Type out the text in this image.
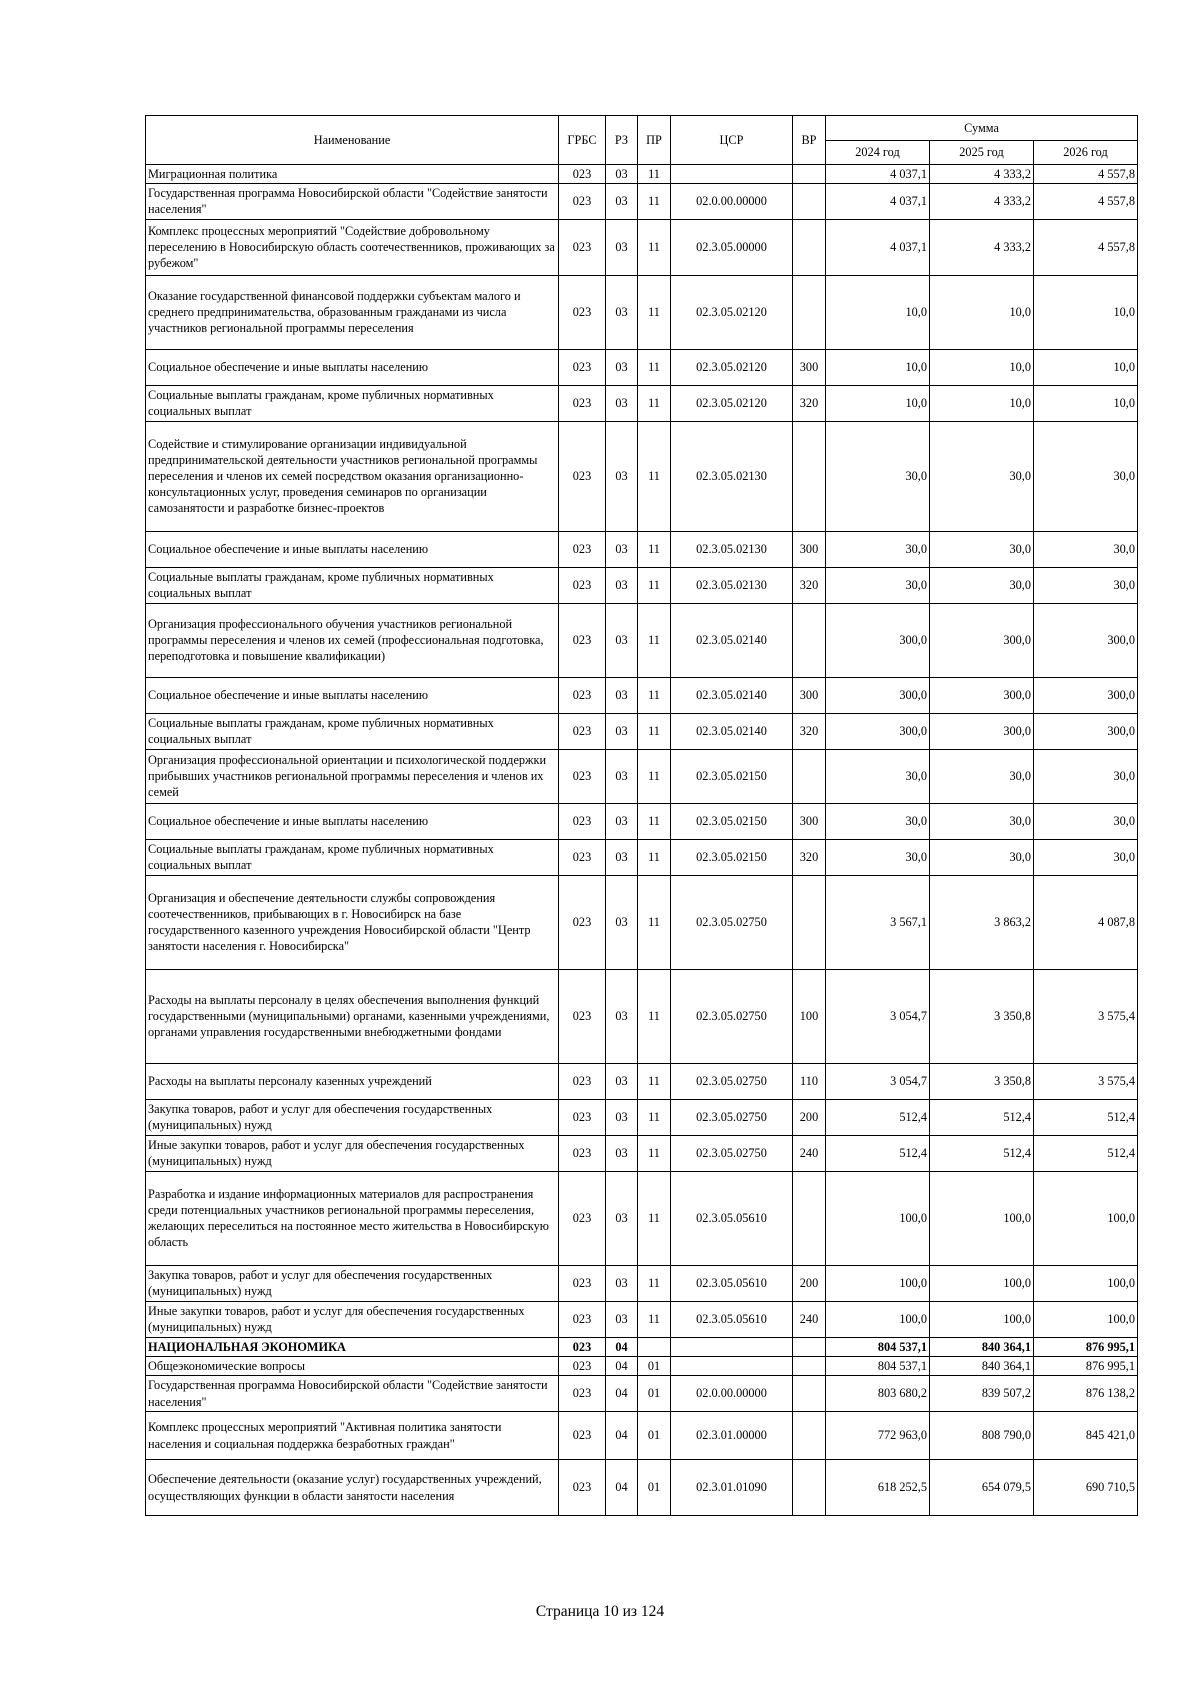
Наименование	ГРБС	РЗ	ПР	ЦСР	ВР	Сумма		
						2024 год	2025 год	2026 год
Миграционная политика	023	03	11			4 037,1	4 333,2	4 557,8
Государственная программа Новосибирской области "Содействие занятости населения"	023	03	11	02.0.00.00000		4 037,1	4 333,2	4 557,8
Комплекс процессных мероприятий "Содействие добровольному переселению в Новосибирскую область соотечественников, проживающих за рубежом"	023	03	11	02.3.05.00000		4 037,1	4 333,2	4 557,8
Оказание государственной финансовой поддержки субъектам малого и среднего предпринимательства, образованным гражданами из числа участников региональной программы переселения	023	03	11	02.3.05.02120		10,0	10,0	10,0
Социальное обеспечение и иные выплаты населению	023	03	11	02.3.05.02120	300	10,0	10,0	10,0
Социальные выплаты гражданам, кроме публичных нормативных социальных выплат	023	03	11	02.3.05.02120	320	10,0	10,0	10,0
Содействие и стимулирование организации индивидуальной предпринимательской деятельности участников региональной программы переселения и членов их семей посредством оказания организационно-консультационных услуг, проведения семинаров по организации самозанятости и разработке бизнес-проектов	023	03	11	02.3.05.02130		30,0	30,0	30,0
Социальное обеспечение и иные выплаты населению	023	03	11	02.3.05.02130	300	30,0	30,0	30,0
Социальные выплаты гражданам, кроме публичных нормативных социальных выплат	023	03	11	02.3.05.02130	320	30,0	30,0	30,0
Организация профессионального обучения участников региональной программы переселения и членов их семей (профессиональная подготовка, переподготовка и повышение квалификации)	023	03	11	02.3.05.02140		300,0	300,0	300,0
Социальное обеспечение и иные выплаты населению	023	03	11	02.3.05.02140	300	300,0	300,0	300,0
Социальные выплаты гражданам, кроме публичных нормативных социальных выплат	023	03	11	02.3.05.02140	320	300,0	300,0	300,0
Организация профессиональной ориентации и психологической поддержки прибывших участников региональной программы переселения и членов их семей	023	03	11	02.3.05.02150		30,0	30,0	30,0
Социальное обеспечение и иные выплаты населению	023	03	11	02.3.05.02150	300	30,0	30,0	30,0
Социальные выплаты гражданам, кроме публичных нормативных социальных выплат	023	03	11	02.3.05.02150	320	30,0	30,0	30,0
Организация и обеспечение деятельности службы сопровождения соотечественников, прибывающих в г. Новосибирск на базе государственного казенного учреждения Новосибирской области "Центр занятости населения г. Новосибирска"	023	03	11	02.3.05.02750		3 567,1	3 863,2	4 087,8
Расходы на выплаты персоналу в целях обеспечения выполнения функций государственными (муниципальными) органами, казенными учреждениями, органами управления государственными внебюджетными фондами	023	03	11	02.3.05.02750	100	3 054,7	3 350,8	3 575,4
Расходы на выплаты персоналу казенных учреждений	023	03	11	02.3.05.02750	110	3 054,7	3 350,8	3 575,4
Закупка товаров, работ и услуг для обеспечения государственных (муниципальных) нужд	023	03	11	02.3.05.02750	200	512,4	512,4	512,4
Иные закупки товаров, работ и услуг для обеспечения государственных (муниципальных) нужд	023	03	11	02.3.05.02750	240	512,4	512,4	512,4
Разработка и издание информационных материалов для распространения среди потенциальных участников региональной программы переселения, желающих переселиться на постоянное место жительства в Новосибирскую область	023	03	11	02.3.05.05610		100,0	100,0	100,0
Закупка товаров, работ и услуг для обеспечения государственных (муниципальных) нужд	023	03	11	02.3.05.05610	200	100,0	100,0	100,0
Иные закупки товаров, работ и услуг для обеспечения государственных (муниципальных) нужд	023	03	11	02.3.05.05610	240	100,0	100,0	100,0
НАЦИОНАЛЬНАЯ ЭКОНОМИКА	023	04				804 537,1	840 364,1	876 995,1
Общеэкономические вопросы	023	04	01			804 537,1	840 364,1	876 995,1
Государственная программа Новосибирской области "Содействие занятости населения"	023	04	01	02.0.00.00000		803 680,2	839 507,2	876 138,2
Комплекс процессных мероприятий "Активная политика занятости населения и социальная поддержка безработных граждан"	023	04	01	02.3.01.00000		772 963,0	808 790,0	845 421,0
Обеспечение деятельности (оказание услуг) государственных учреждений, осуществляющих функции в области занятости населения	023	04	01	02.3.01.01090		618 252,5	654 079,5	690 710,5
Страница 10 из 124
